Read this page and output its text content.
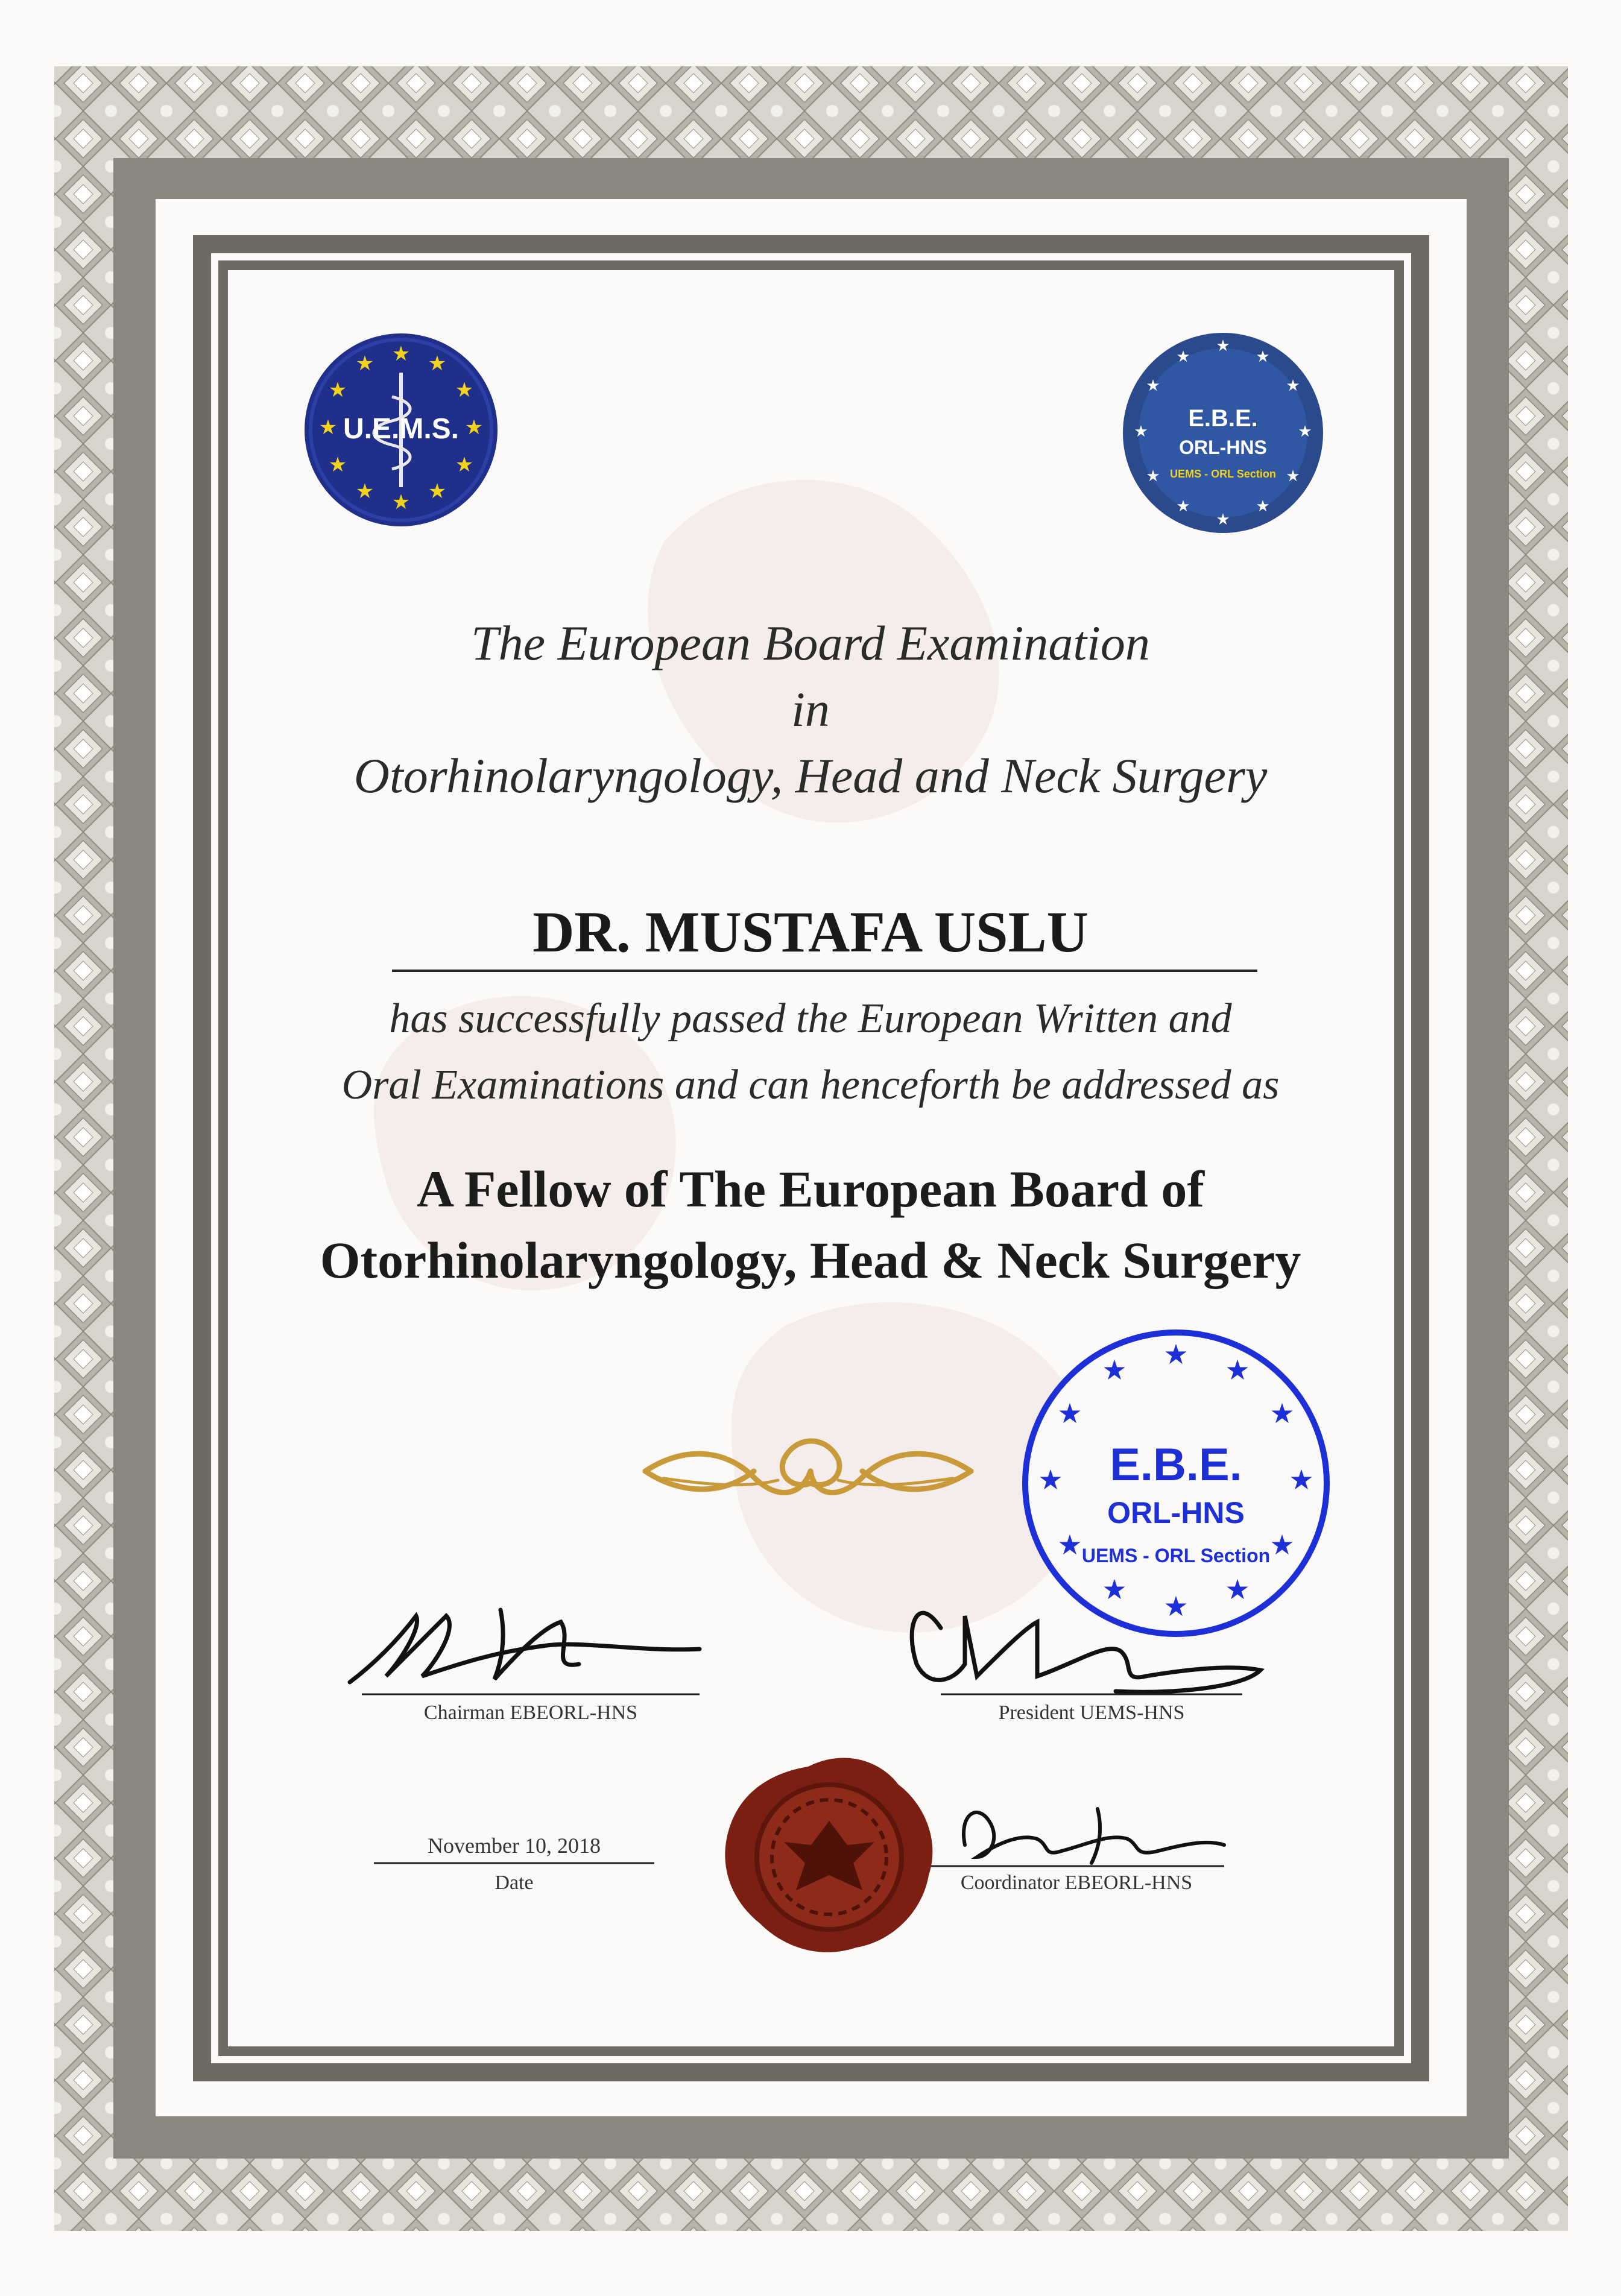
★ ★
★
★
★
★
★
★
★
★
★
★
U.E.M.S.
★
★
★
★
★
★
★
★
★
★
★
★
E.B.E.
ORL-HNS
UEMS - ORL Section
The European Board Examination
in
Otorhinolaryngology, Head and Neck Surgery
DR. MUSTAFA USLU
has successfully passed the European Written and
Oral Examinations and can henceforth be addressed as
A Fellow of The European Board of
Otorhinolaryngology, Head & Neck Surgery
★ ★
★
★
★
★
★
★
★
★
★
★
E.B.E.
ORL-HNS
UEMS - ORL Section
Chairman EBEORL-HNS	President UEMS-HNS
November 10, 2018
Date	Coordinator EBEORL-HNS
